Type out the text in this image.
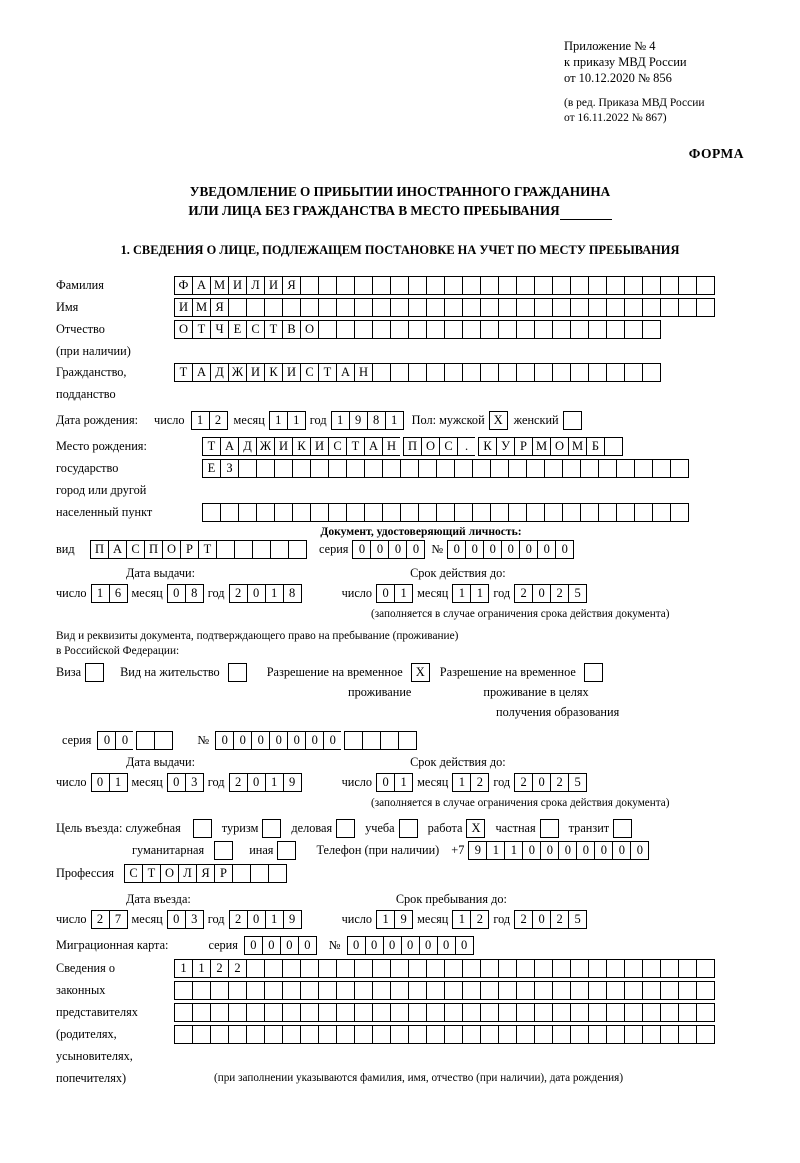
Приложение № 4
к приказу МВД России
от 10.12.2020 № 856
(в ред. Приказа МВД России
от 16.11.2022 № 867)
ФОРМА
УВЕДОМЛЕНИЕ О ПРИБЫТИИ ИНОСТРАННОГО ГРАЖДАНИНА
ИЛИ ЛИЦА БЕЗ ГРАЖДАНСТВА В МЕСТО ПРЕБЫВАНИЯ
1. СВЕДЕНИЯ О ЛИЦЕ, ПОДЛЕЖАЩЕМ ПОСТАНОВКЕ НА УЧЕТ ПО МЕСТУ ПРЕБЫВАНИЯ
Фамилия	Ф А М И Л И Я
Имя	И М Я
Отчество	О Т Ч Е С Т В О
(при наличии)
Гражданство,	Т А Д Ж И К И С Т А Н
подданство
Дата рождения: число 1 2	месяц 1 1 год 1 9 8 1	Пол: мужской Х женский
Место рождения:	Т А Д Ж И К И С Т А Н П О С .	К У Р М О М Б
государство	Е З
город или другой
населенный пункт
Документ, удостоверяющий личность:
вид	П А С П О Р Т	серия 0 0 0 0	№ 0 0 0 0 0 0 0
Дата выдачи:	Срок действия до:
число 1 6 месяц 0 8 год 2 0 1 8	число 0 1 месяц 1 1 год 2 0 2 5
(заполняется в случае ограничения срока действия документа)
Вид и реквизиты документа, подтверждающего право на пребывание (проживание)
в Российской Федерации:
Виза	Вид на жительство	Разрешение на временное	Х	Разрешение на временное
проживание	проживание в целях
получения образования
серия 0 0	№ 0 0 0 0 0 0 0
Дата выдачи:	Срок действия до:
число 0 1 месяц 0 3 год 2 0 1 9	число 0 1 месяц 1 2 год 2 0 2 5
(заполняется в случае ограничения срока действия документа)
Цель въезда: служебная	туризм	деловая	учеба	работа Х	частная	транзит
гуманитарная	иная	Телефон (при наличии) +7 9 1 1 0 0 0 0 0 0 0
Профессия	С Т О Л Я Р
Дата въезда:	Срок пребывания до:
число 2 7 месяц 0 3 год 2 0 1 9	число 1 9 месяц 1 2 год 2 0 2 5
Миграционная карта:	серия 0 0 0 0	№ 0 0 0 0 0 0 0
Сведения о	1 1 2 2
законных
представителях
(родителях,
усыновителях,
попечителях)	(при заполнении указываются фамилия, имя, отчество (при наличии), дата рождения)
